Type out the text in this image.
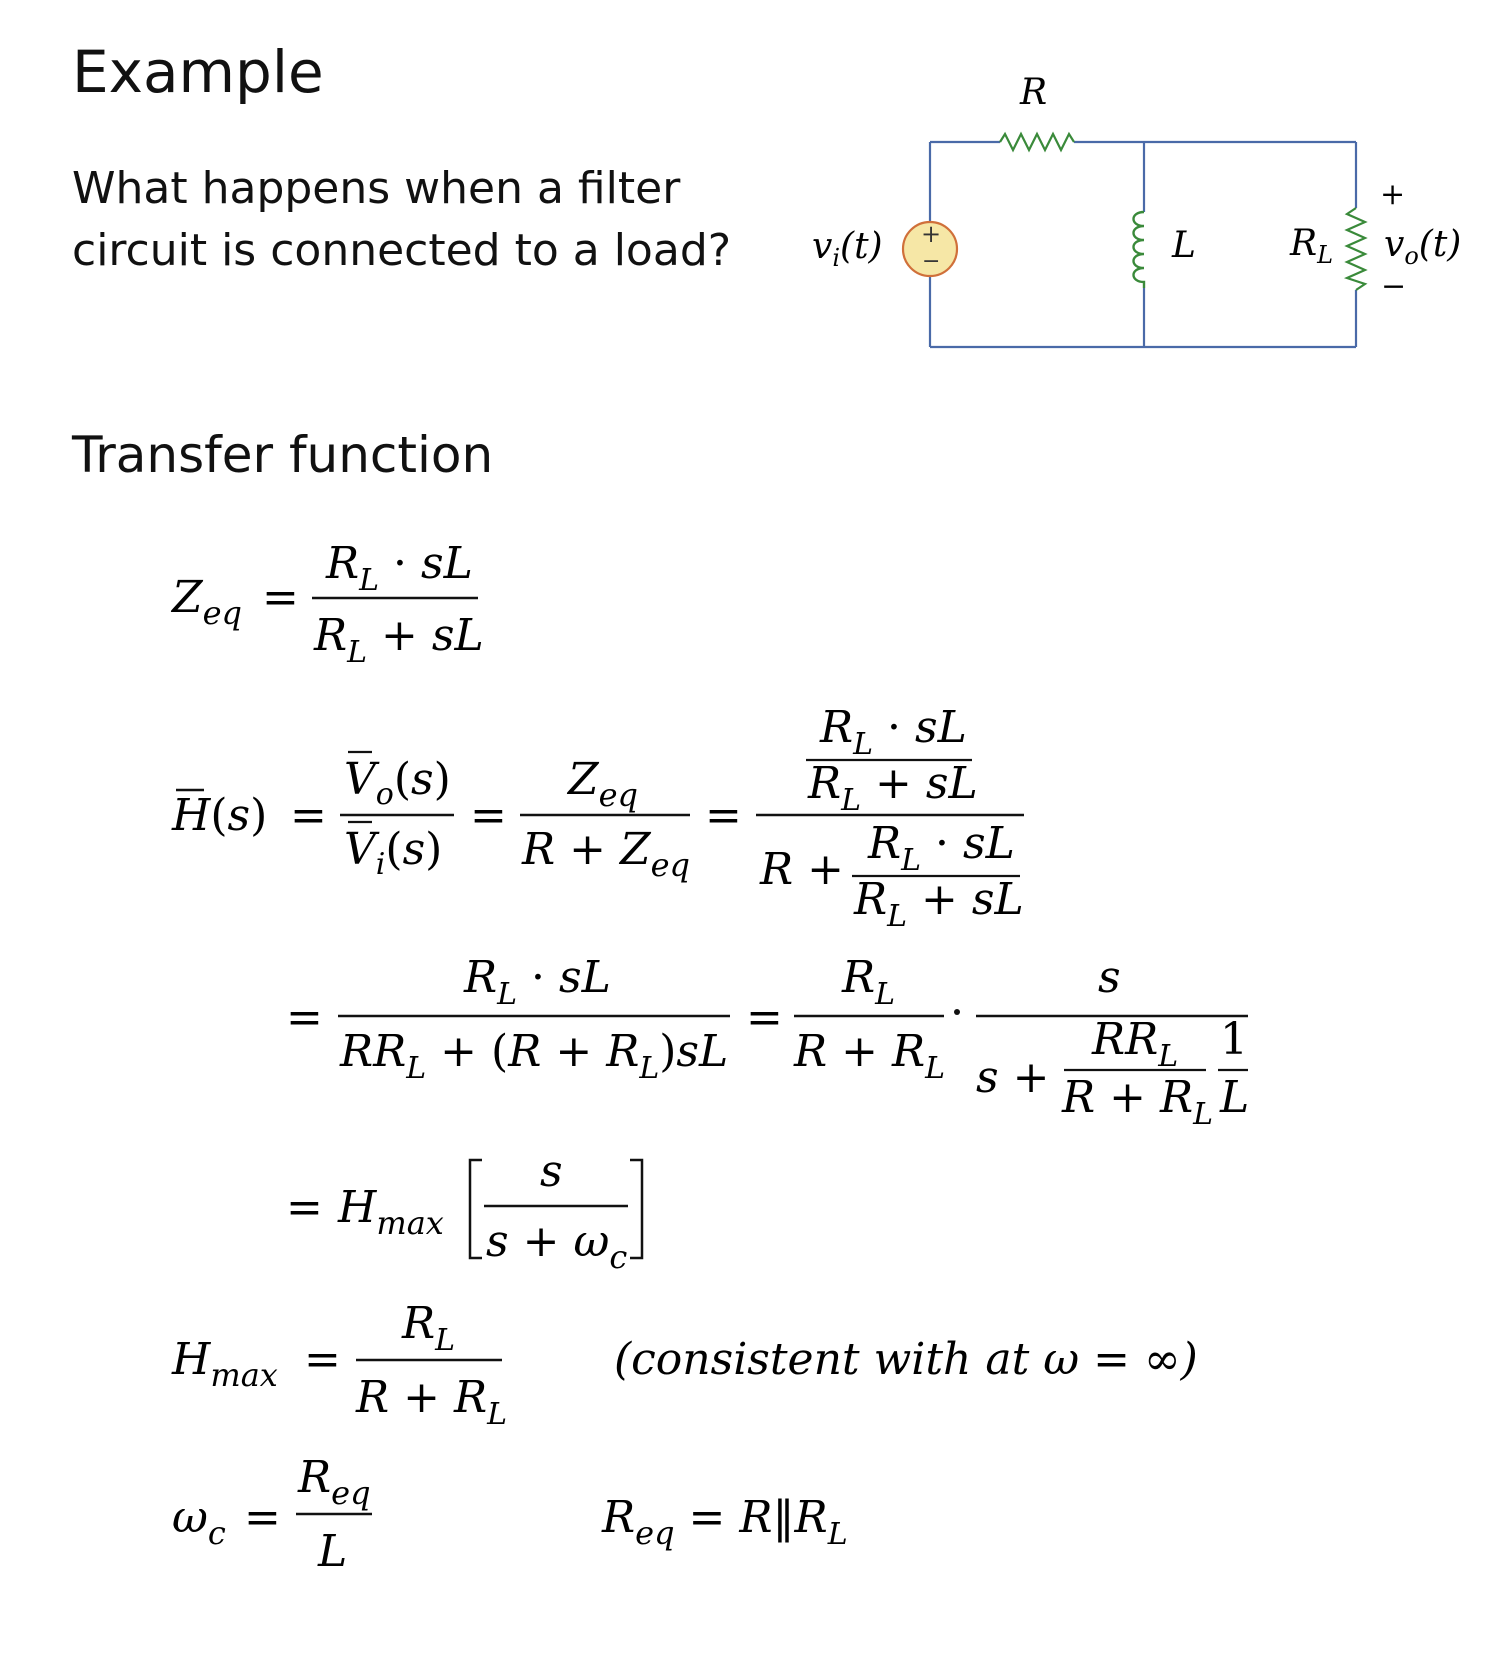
Example
What happens when a filter
circuit is connected to a load?
Transfer function
R
L	$R_L$
+
−
$v_i(t)$
+
−
$v_o(t)$
$Z_{eq}$ =
$R_L$ · sL
$R_L$ + sL
H(s) =
$V_o(s)$
$V_i(s)$
=
$Z_{eq}$
$R + Z_{eq}$
=
$R_L$ · sL
$R_L$ + sL
R +
$R_L$ · sL
$R_L$ + sL
=
$R_L$ · sL
$RR_L + (R + R_L)sL$
=
$R_L$
$R + R_L$
s
s +
$RR_L$
$R + R_L$
1
L
= $H_{max}$
s
$s + \omega_c$
$H_{max}$ =
$R_L$
$R + R_L$
(consistent with at ω = ∞)
$\omega_c$ =
$R_{eq}$
L
$R_{eq}$ = $R‖R_L$
